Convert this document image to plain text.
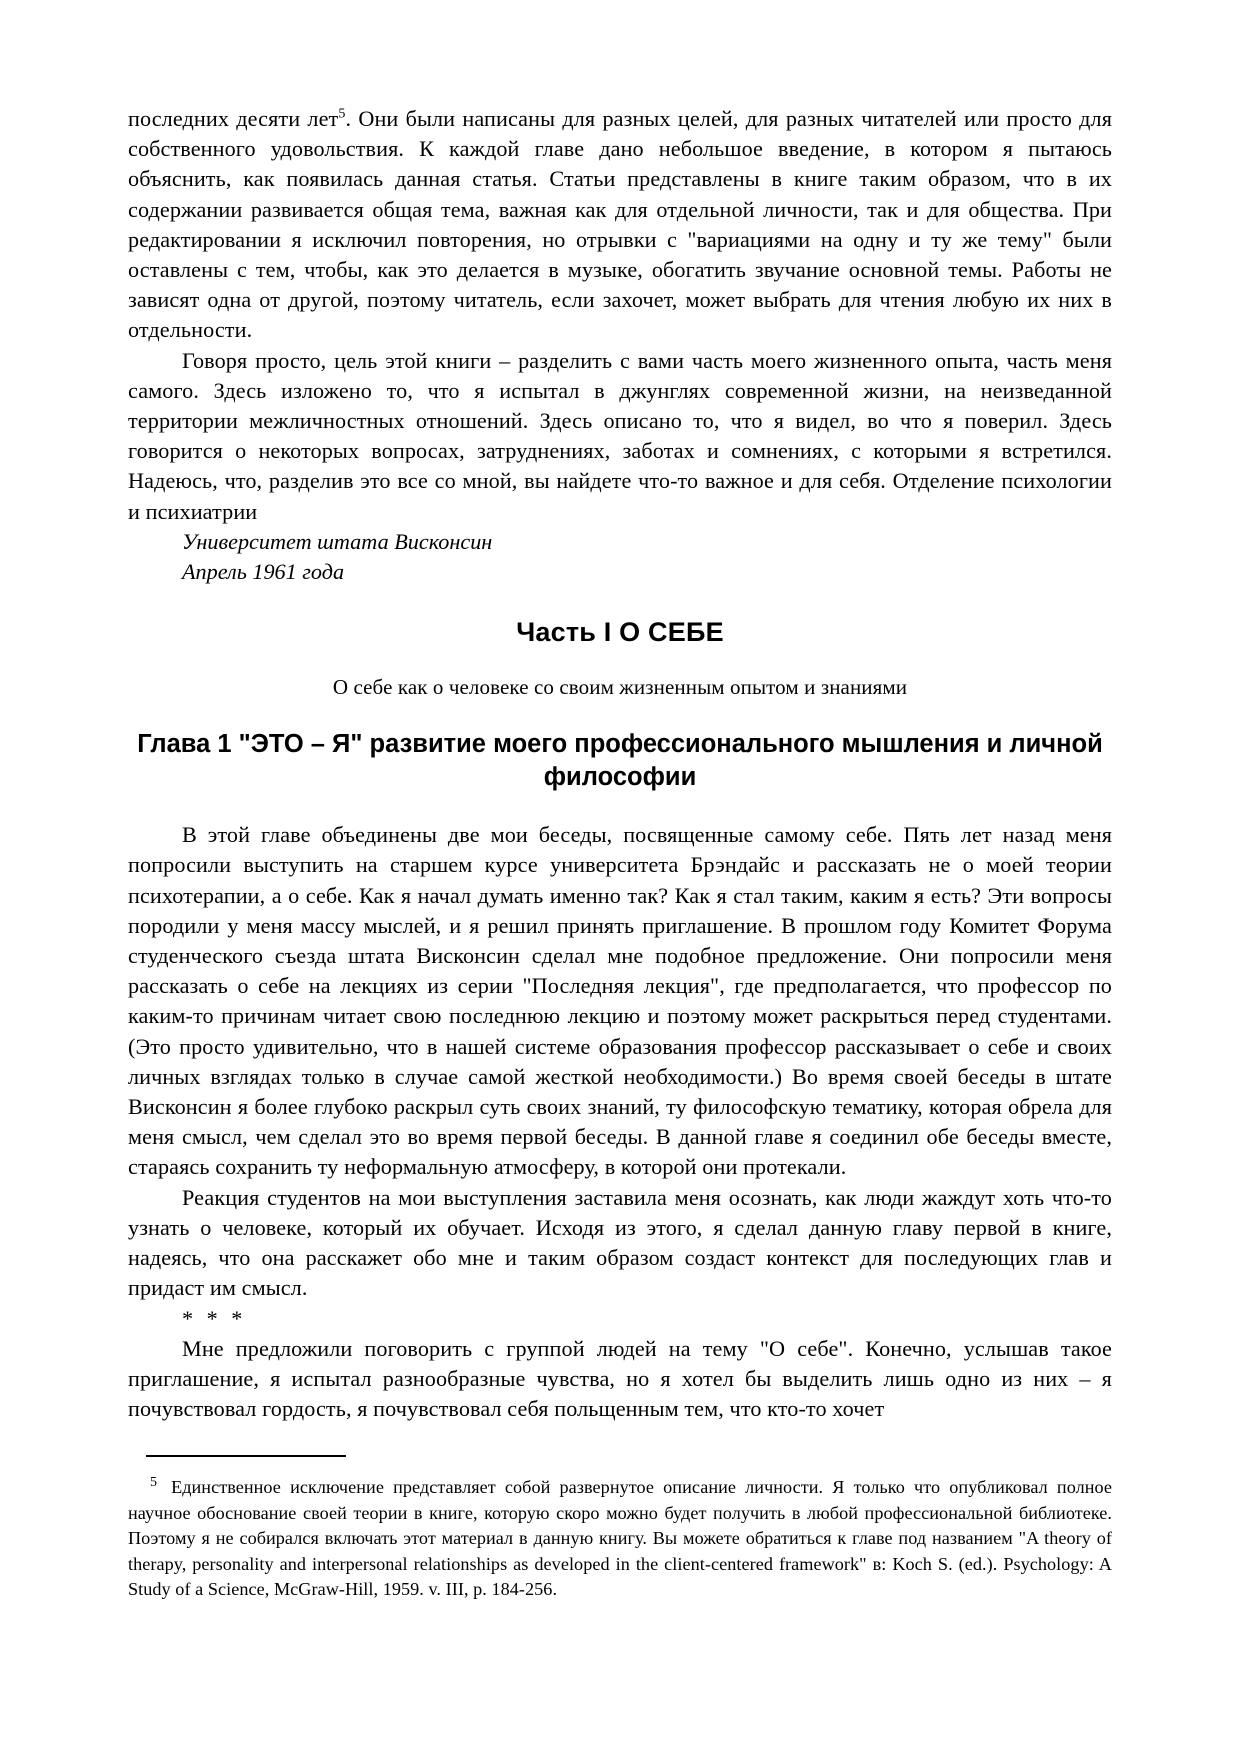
последних десяти лет$^5$. Они были написаны для разных целей, для разных читателей или просто для собственного удовольствия. К каждой главе дано небольшое введение, в котором я пытаюсь объяснить, как появилась данная статья. Статьи представлены в книге таким образом, что в их содержании развивается общая тема, важная как для отдельной личности, так и для общества. При редактировании я исключил повторения, но отрывки с "вариациями на одну и ту же тему" были оставлены с тем, чтобы, как это делается в музыке, обогатить звучание основной темы. Работы не зависят одна от другой, поэтому читатель, если захочет, может выбрать для чтения любую их них в отдельности.

Говоря просто, цель этой книги – разделить с вами часть моего жизненного опыта, часть меня самого. Здесь изложено то, что я испытал в джунглях современной жизни, на неизведанной территории межличностных отношений. Здесь описано то, что я видел, во что я поверил. Здесь говорится о некоторых вопросах, затруднениях, заботах и сомнениях, с которыми я встретился. Надеюсь, что, разделив это все со мной, вы найдете что-то важное и для себя. Отделение психологии и психиатрии

Университет штата Висконсин

Апрель 1961 года

Часть I О СЕБЕ

О себе как о человеке со своим жизненным опытом и знаниями

Глава 1 "ЭТО – Я" развитие моего профессионального мышления и личной философии

В этой главе объединены две мои беседы, посвященные самому себе. Пять лет назад меня попросили выступить на старшем курсе университета Брэндайс и рассказать не о моей теории психотерапии, а о себе. Как я начал думать именно так? Как я стал таким, каким я есть? Эти вопросы породили у меня массу мыслей, и я решил принять приглашение. В прошлом году Комитет Форума студенческого съезда штата Висконсин сделал мне подобное предложение. Они попросили меня рассказать о себе на лекциях из серии "Последняя лекция", где предполагается, что профессор по каким-то причинам читает свою последнюю лекцию и поэтому может раскрыться перед студентами. (Это просто удивительно, что в нашей системе образования профессор рассказывает о себе и своих личных взглядах только в случае самой жесткой необходимости.) Во время своей беседы в штате Висконсин я более глубоко раскрыл суть своих знаний, ту философскую тематику, которая обрела для меня смысл, чем сделал это во время первой беседы. В данной главе я соединил обе беседы вместе, стараясь сохранить ту неформальную атмосферу, в которой они протекали.

Реакция студентов на мои выступления заставила меня осознать, как люди жаждут хоть что-то узнать о человеке, который их обучает. Исходя из этого, я сделал данную главу первой в книге, надеясь, что она расскажет обо мне и таким образом создаст контекст для последующих глав и придаст им смысл.

* * *

Мне предложили поговорить с группой людей на тему "О себе". Конечно, услышав такое приглашение, я испытал разнообразные чувства, но я хотел бы выделить лишь одно из них – я почувствовал гордость, я почувствовал себя польщенным тем, что кто-то хочет

$^5$ Единственное исключение представляет собой развернутое описание личности. Я только что опубликовал полное научное обоснование своей теории в книге, которую скоро можно будет получить в любой профессиональной библиотеке. Поэтому я не собирался включать этот материал в данную книгу. Вы можете обратиться к главе под названием "A theory of therapy, personality and interpersonal relationships as developed in the client-centered framework" в: Koch S. (ed.). Psychology: A Study of a Science, McGraw-Hill, 1959. v. III, p. 184-256.
